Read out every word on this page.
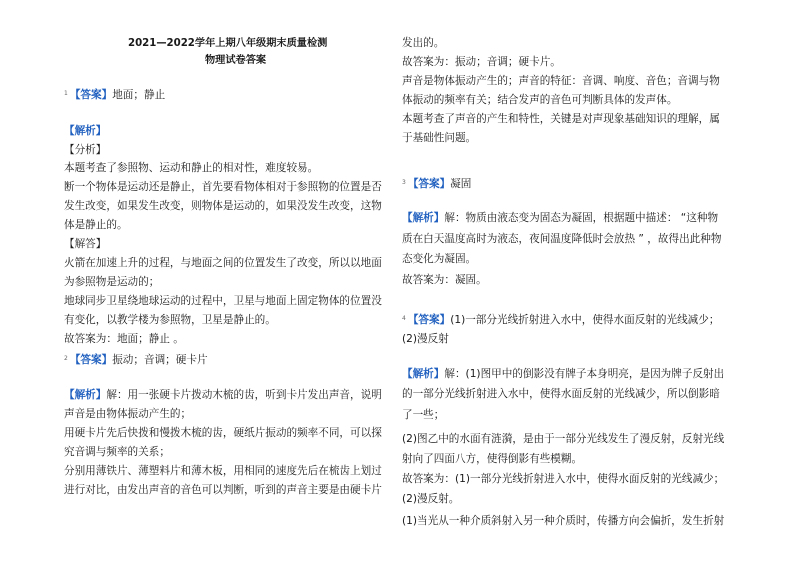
2021—2022学年上期八年级期末质量检测
物理试卷答案
$^1$ 【答案】地面；静止
【解析】
【分析】
本题考查了参照物、运动和静止的相对性，难度较易。
断一个物体是运动还是静止，首先要看物体相对于参照物的位置是否
发生改变，如果发生改变，则物体是运动的，如果没发生改变，这物
体是静止的。
【解答】
火箭在加速上升的过程，与地面之间的位置发生了改变，所以以地面
为参照物是运动的；
地球同步卫星绕地球运动的过程中，卫星与地面上固定物体的位置没
有变化，以教学楼为参照物，卫星是静止的。
故答案为：地面；静止 。
$^2$ 【答案】振动；音调；硬卡片
【解析】解：用一张硬卡片拨动木梳的齿，听到卡片发出声音，说明
声音是由物体振动产生的；
用硬卡片先后快拨和慢拨木梳的齿，硬纸片振动的频率不同，可以探
究音调与频率的关系；
分别用薄铁片、薄塑料片和薄木板，用相同的速度先后在梳齿上划过
进行对比，由发出声音的音色可以判断，听到的声音主要是由硬卡片
发出的。
故答案为：振动；音调；硬卡片。
声音是物体振动产生的；声音的特征：音调、响度、音色；音调与物
体振动的频率有关；结合发声的音色可判断具体的发声体。
本题考查了声音的产生和特性，关键是对声现象基础知识的理解，属
于基础性问题。
$^3$ 【答案】凝固
【解析】解：物质由液态变为固态为凝固，根据题中描述： “这种物
质在白天温度高时为液态，夜间温度降低时会放热 ” ，故得出此种物
态变化为凝固。
故答案为：凝固。
$^4$ 【答案】(1)一部分光线折射进入水中，使得水面反射的光线减少；
(2)漫反射
【解析】解：(1)图甲中的倒影没有牌子本身明亮，是因为牌子反射出
的一部分光线折射进入水中，使得水面反射的光线减少，所以倒影暗
了一些；
(2)图乙中的水面有涟漪，是由于一部分光线发生了漫反射，反射光线
射向了四面八方，使得倒影有些模糊。
故答案为：(1)一部分光线折射进入水中，使得水面反射的光线减少；
(2)漫反射。
(1)当光从一种介质斜射入另一种介质时，传播方向会偏折，发生折射
